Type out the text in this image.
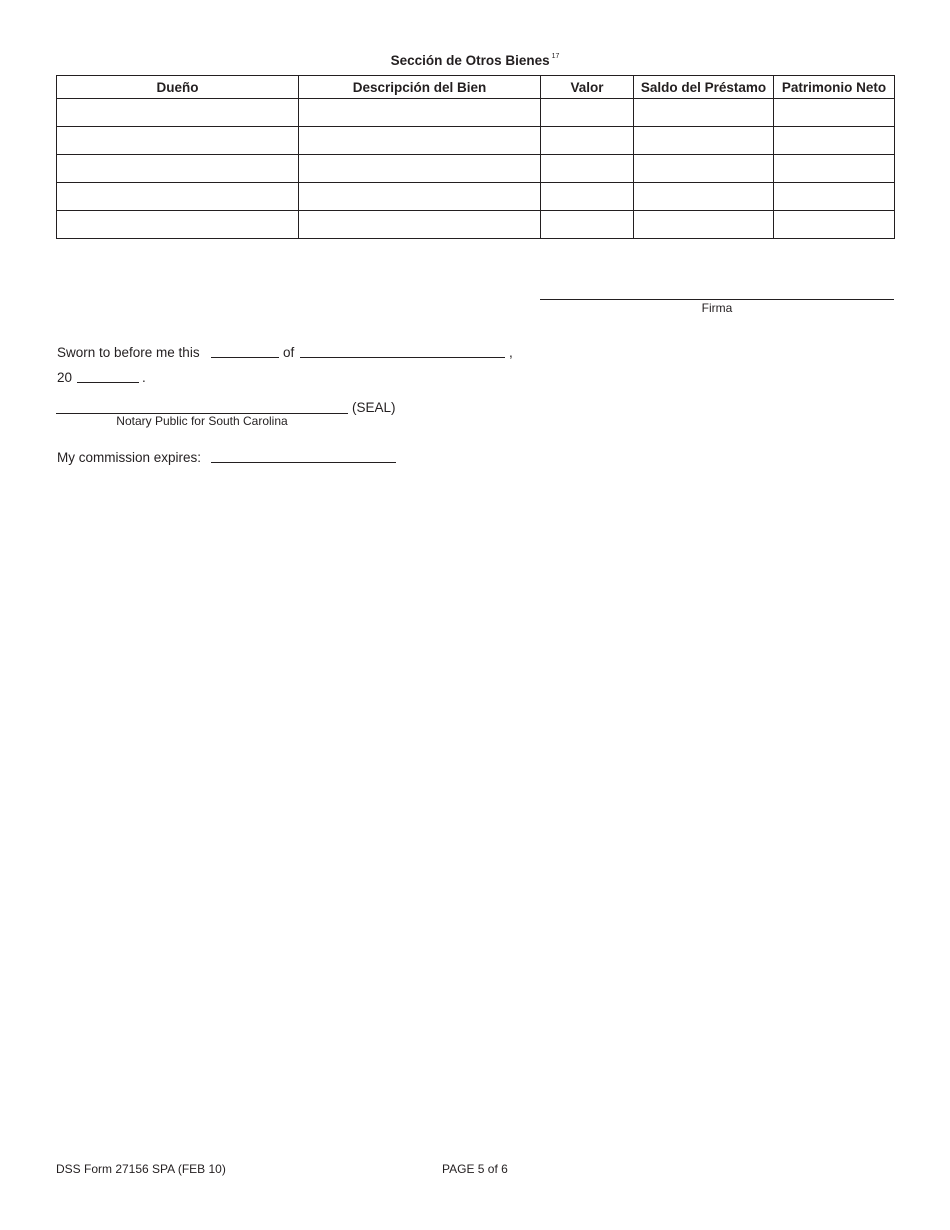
Sección de Otros Bienes $^{17}$
Dueño	Descripción del Bien	Valor	Saldo del Préstamo	Patrimonio Neto

Firma
Sworn to before me this	of	,
20	.
(SEAL)
Notary Public for South Carolina
My commission expires:
DSS Form 27156 SPA (FEB 10)	PAGE 5 of 6
